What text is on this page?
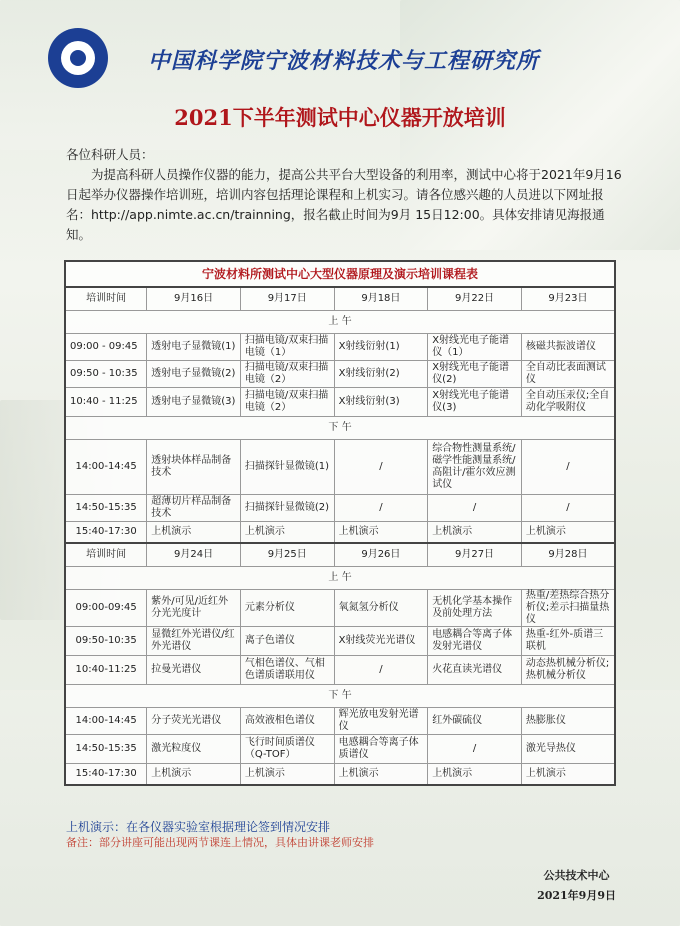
中国科学院宁波材料技术与工程研究所
2021下半年测试中心仪器开放培训

各位科研人员：

为提高科研人员操作仪器的能力，提高公共平台大型设备的利用率，测试中心将于2021年9月16日起举办仪器操作培训班，培训内容包括理论课程和上机实习。请各位感兴趣的人员进以下网址报名：http://app.nimte.ac.cn/trainning，报名截止时间为9月 15日12:00。具体安排请见海报通知。

宁波材料所测试中心大型仪器原理及演示培训课程表					
培训时间	9月16日	9月17日	9月18日	9月22日	9月23日
上 午					
09:00 - 09:45	透射电子显微镜(1)	扫描电镜/双束扫描电镜（1）	X射线衍射(1)	X射线光电子能谱仪（1）	核磁共振波谱仪
09:50 - 10:35	透射电子显微镜(2)	扫描电镜/双束扫描电镜（2）	X射线衍射(2)	X射线光电子能谱仪(2)	全自动比表面测试仪
10:40 - 11:25	透射电子显微镜(3)	扫描电镜/双束扫描电镜（2）	X射线衍射(3)	X射线光电子能谱仪(3)	全自动压汞仪;全自动化学吸附仪
下 午					
14:00-14:45	透射块体样品制备技术	扫描探针显微镜(1)	/	综合物性测量系统/磁学性能测量系统/高阻计/霍尔效应测试仪	/
14:50-15:35	超薄切片样品制备技术	扫描探针显微镜(2)	/	/	/
15:40-17:30	上机演示	上机演示	上机演示	上机演示	上机演示
培训时间	9月24日	9月25日	9月26日	9月27日	9月28日
上 午					
09:00-09:45	紫外/可见/近红外分光光度计	元素分析仪	氧氮氢分析仪	无机化学基本操作及前处理方法	热重/差热综合热分析仪;差示扫描量热仪
09:50-10:35	显微红外光谱仪/红外光谱仪	离子色谱仪	X射线荧光光谱仪	电感耦合等离子体发射光谱仪	热重-红外-质谱三联机
10:40-11:25	拉曼光谱仪	气相色谱仪、气相色谱质谱联用仪	/	火花直读光谱仪	动态热机械分析仪;热机械分析仪
下 午					
14:00-14:45	分子荧光光谱仪	高效液相色谱仪	辉光放电发射光谱仪	红外碳硫仪	热膨胀仪
14:50-15:35	激光粒度仪	飞行时间质谱仪（Q-TOF）	电感耦合等离子体质谱仪	/	激光导热仪
15:40-17:30	上机演示	上机演示	上机演示	上机演示	上机演示
上机演示：在各仪器实验室根据理论签到情况安排
备注：部分讲座可能出现两节课连上情况，具体由讲课老师安排
公共技术中心
2021年9月9日
